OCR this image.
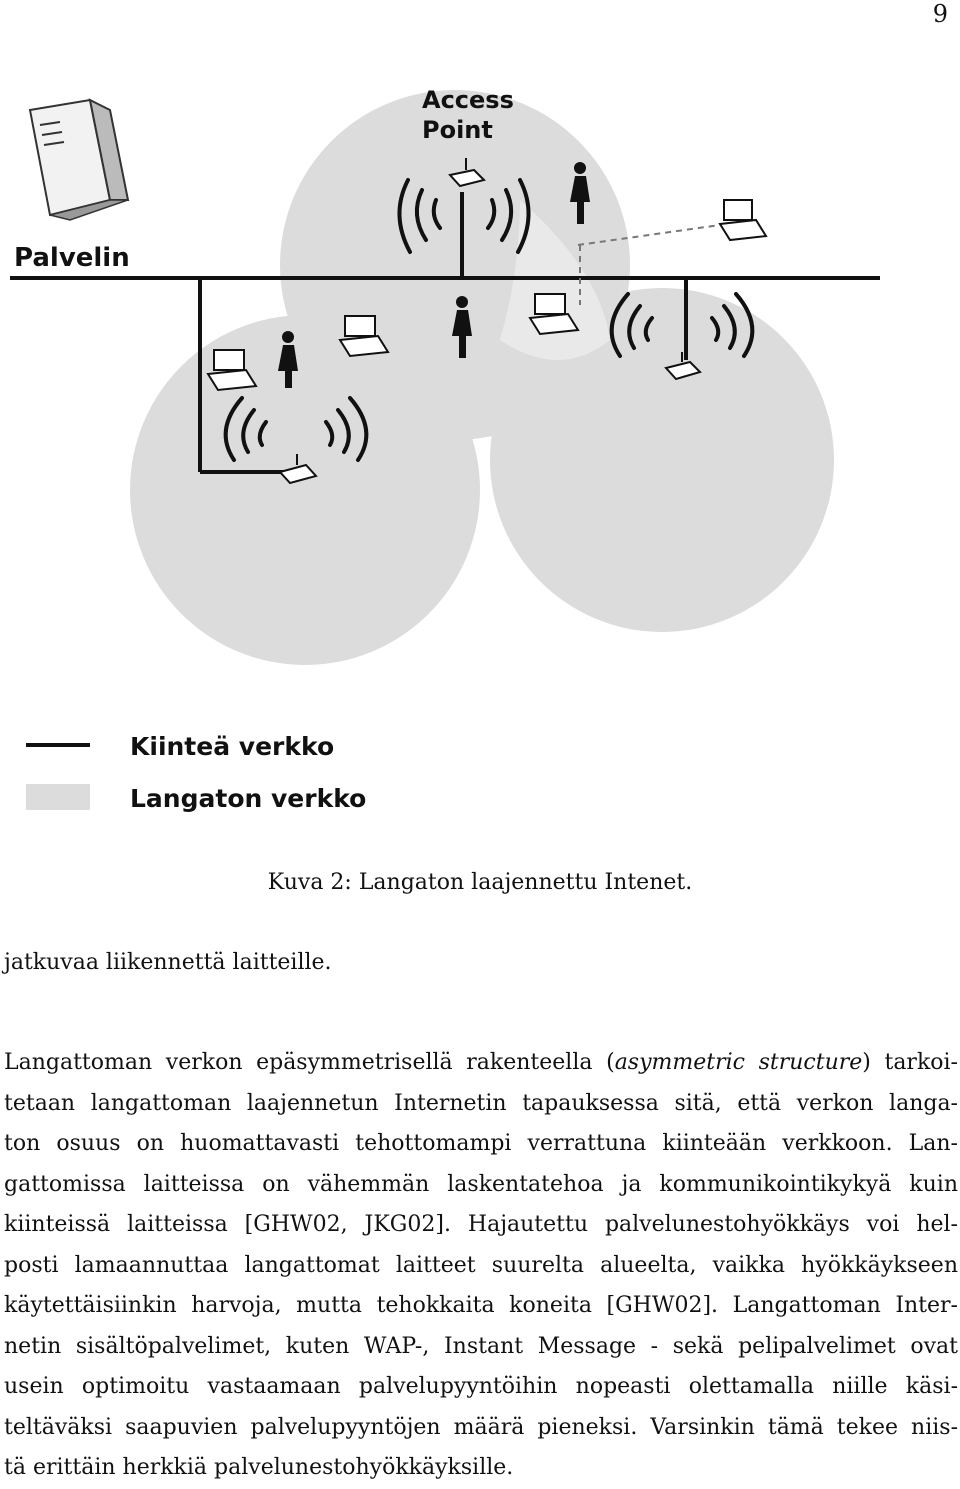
9
Palvelin
Access
Point
Kiinteä verkko
Langaton verkko
Kuva 2: Langaton laajennettu Intenet.
jatkuvaa liikennettä laitteille.
Langattoman verkon epäsymmetrisellä rakenteella (asymmetric structure) tarkoi-
tetaan langattoman laajennetun Internetin tapauksessa sitä, että verkon langa-
ton osuus on huomattavasti tehottomampi verrattuna kiinteään verkkoon. Lan-
gattomissa laitteissa on vähemmän laskentatehoa ja kommunikointikykyä kuin
kiinteissä laitteissa [GHW02, JKG02]. Hajautettu palvelunestohyökkäys voi hel-
posti lamaannuttaa langattomat laitteet suurelta alueelta, vaikka hyökkäykseen
käytettäisiinkin harvoja, mutta tehokkaita koneita [GHW02]. Langattoman Inter-
netin sisältöpalvelimet, kuten WAP-, Instant Message - sekä pelipalvelimet ovat
usein optimoitu vastaamaan palvelupyyntöihin nopeasti olettamalla niille käsi-
teltäväksi saapuvien palvelupyyntöjen määrä pieneksi. Varsinkin tämä tekee niis-
tä erittäin herkkiä palvelunestohyökkäyksille.
